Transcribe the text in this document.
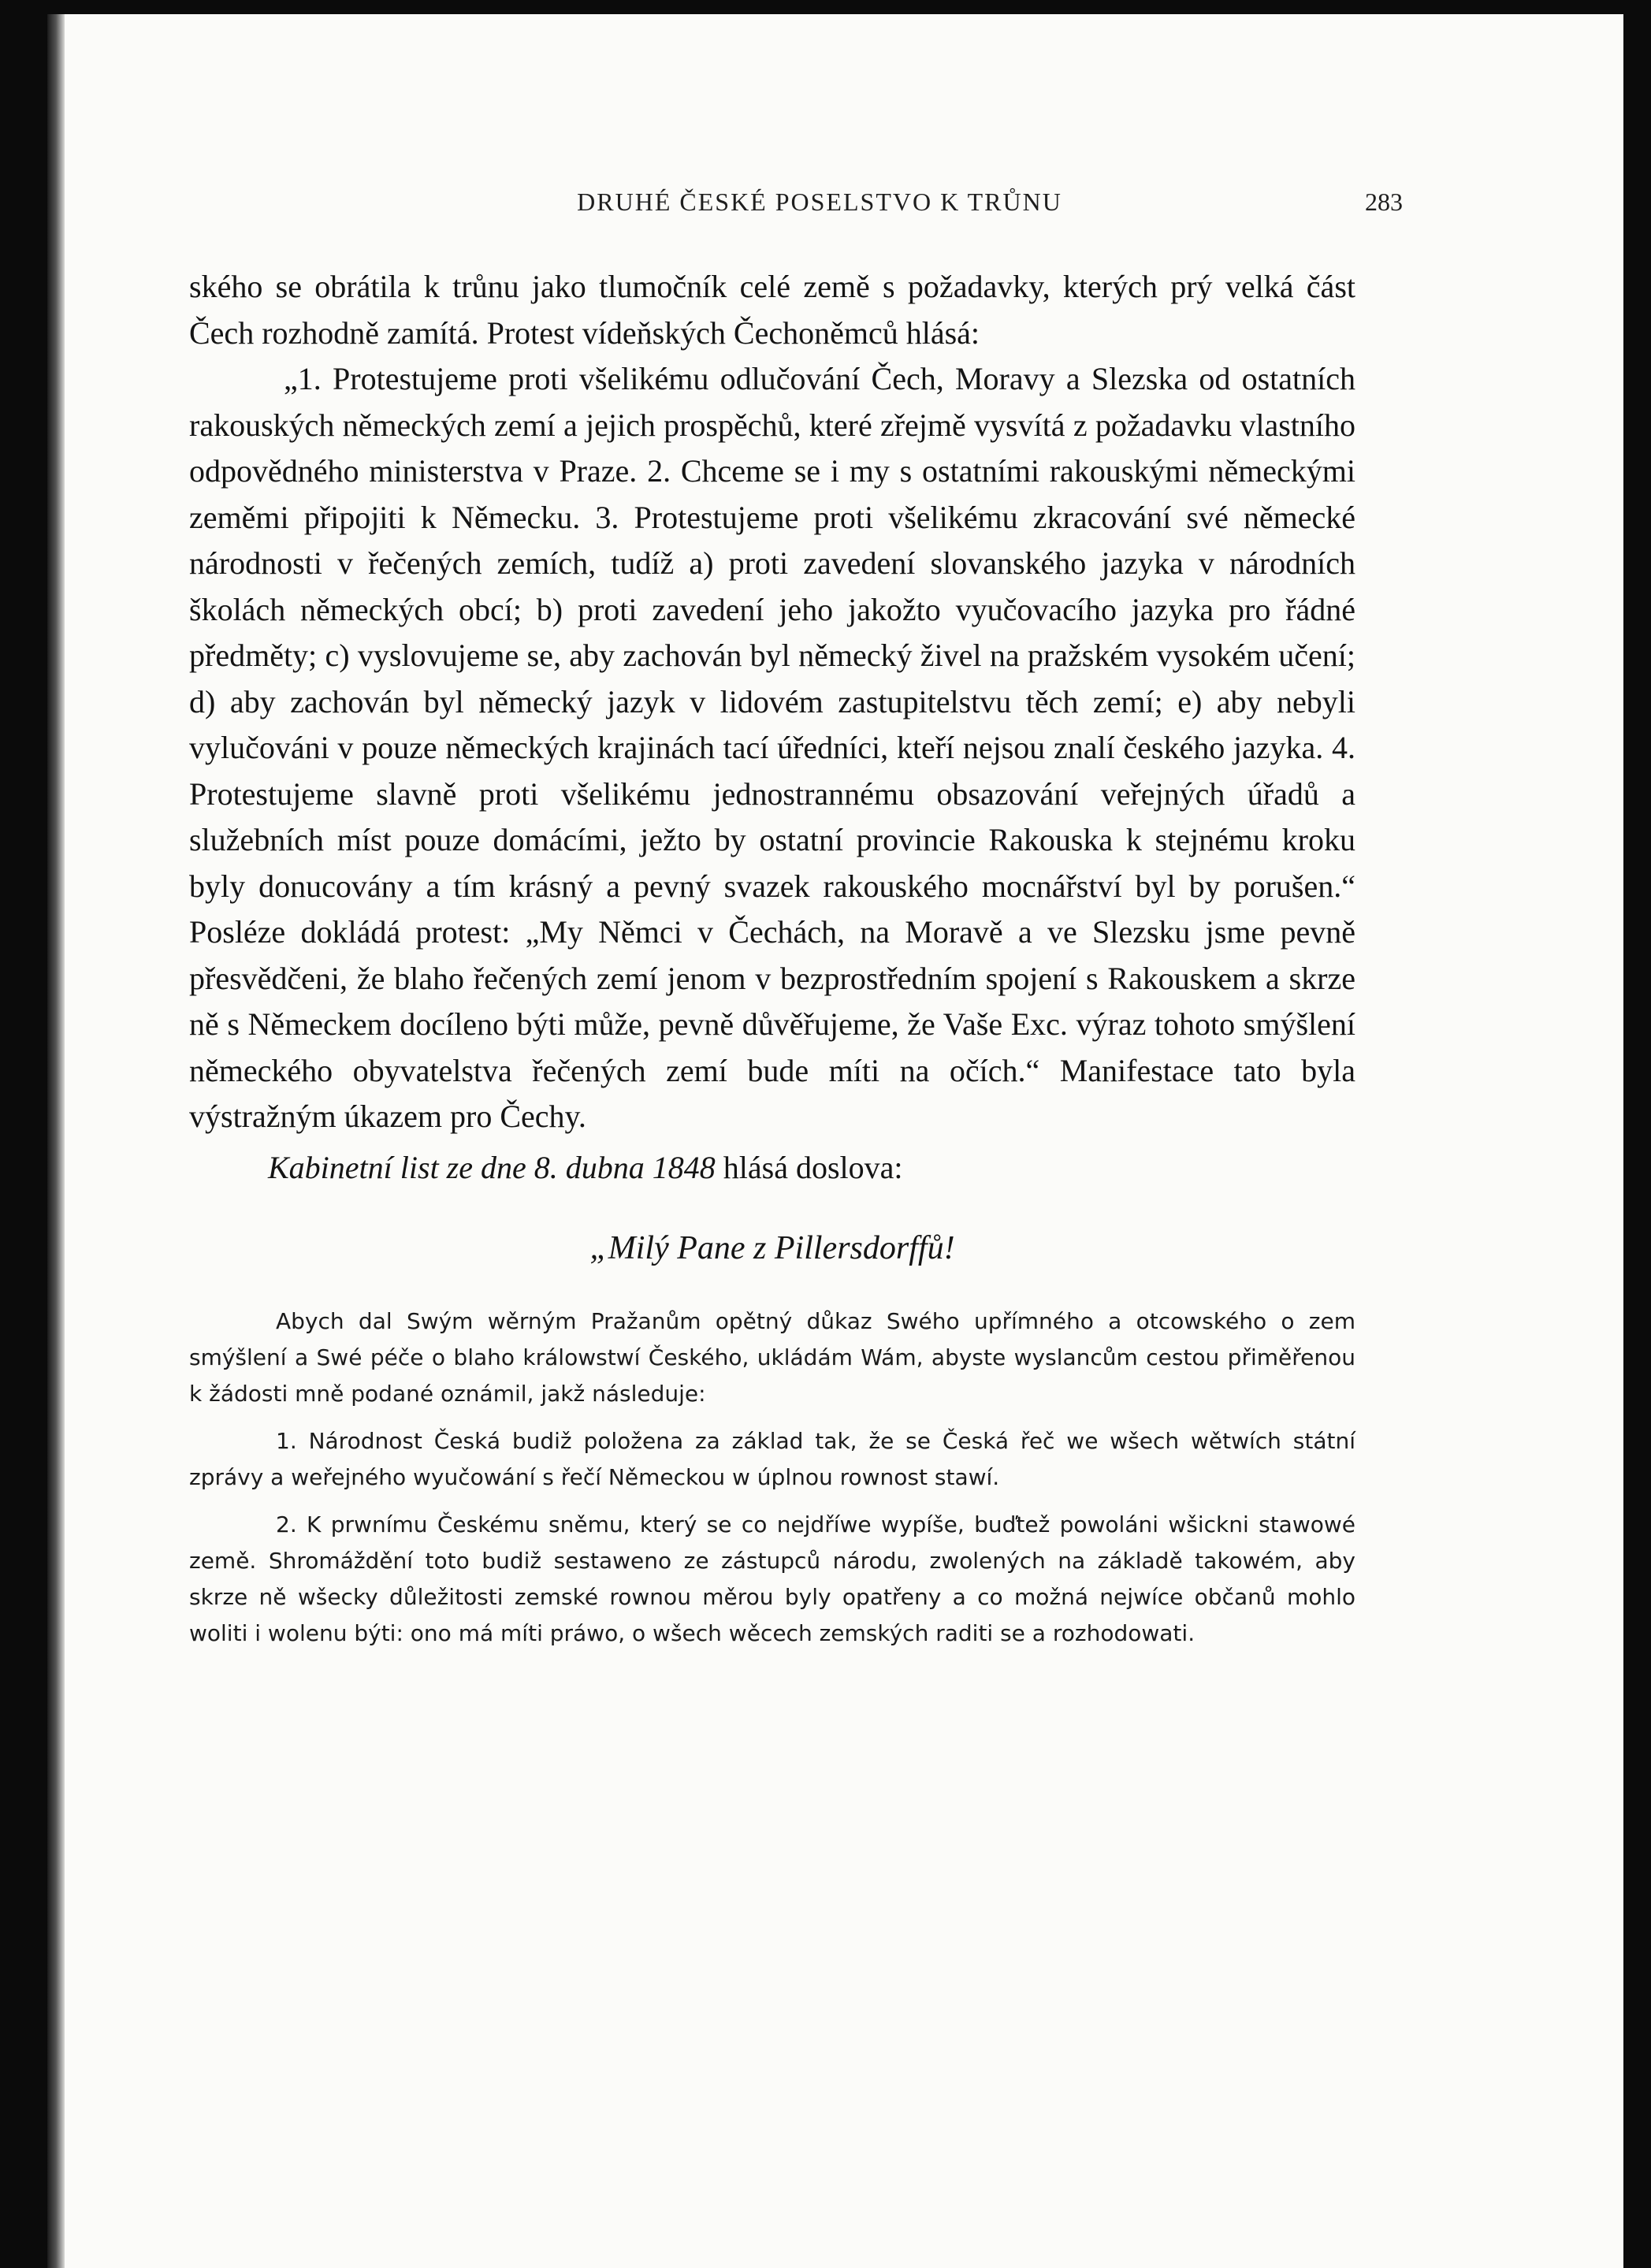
DRUHÉ ČESKÉ POSELSTVO K TRŮNU	283

ského se obrátila k trůnu jako tlumočník celé země s požadavky, kterých prý velká část Čech rozhodně zamítá. Protest vídeňských Čechoněmců hlásá:

„1. Protestujeme proti všelikému odlučování Čech, Moravy a Slezska od ostatních rakouských německých zemí a jejich prospěchů, které zřejmě vysvítá z požadavku vlastního odpovědného ministerstva v Praze. 2. Chceme se i my s ostatními rakouskými německými zeměmi připojiti k Německu. 3. Protestujeme proti všelikému zkracování své německé národnosti v řečených zemích, tudíž a) proti zavedení slovanského jazyka v národních školách německých obcí; b) proti zavedení jeho jakožto vyučovacího jazyka pro řádné předměty; c) vyslovujeme se, aby zachován byl německý živel na pražském vysokém učení; d) aby zachován byl německý jazyk v lidovém zastupitelstvu těch zemí; e) aby nebyli vylučováni v pouze německých krajinách tací úředníci, kteří nejsou znalí českého jazyka. 4. Protestujeme slavně proti všelikému jednostrannému obsazování veřejných úřadů a služebních míst pouze domácími, ježto by ostatní provincie Rakouska k stejnému kroku byly donucovány a tím krásný a pevný svazek rakouského mocnářství byl by porušen.“ Posléze dokládá protest: „My Němci v Čechách, na Moravě a ve Slezsku jsme pevně přesvědčeni, že blaho řečených zemí jenom v bezprostředním spojení s Rakouskem a skrze ně s Německem docíleno býti může, pevně důvěřujeme, že Vaše Exc. výraz tohoto smýšlení německého obyvatelstva řečených zemí bude míti na očích.“ Manifestace tato byla výstražným úkazem pro Čechy.

Kabinetní list ze dne 8. dubna 1848 hlásá doslova:

„Milý Pane z Pillersdorffů!

Abych dal Swým wěrným Pražanům opětný důkaz Swého upřímného a otcowského o zem smýšlení a Swé péče o blaho králowstwí Českého, ukládám Wám, abyste wyslancům cestou přiměřenou k žádosti mně podané oznámil, jakž následuje:

1. Národnost Česká budiž položena za základ tak, že se Česká řeč we wšech wětwích státní zprávy a weřejného wyučowání s řečí Německou w úplnou rownost stawí.

2. K prwnímu Českému sněmu, který se co nejdříwe wypíše, buďtež powoláni wšickni stawowé země. Shromáždění toto budiž sestaweno ze zástupců národu, zwolených na základě takowém, aby skrze ně wšecky důležitosti zemské rownou měrou byly opatřeny a co možná nejwíce občanů mohlo woliti i wolenu býti: ono má míti práwo, o wšech wěcech zemských raditi se a rozhodowati.
